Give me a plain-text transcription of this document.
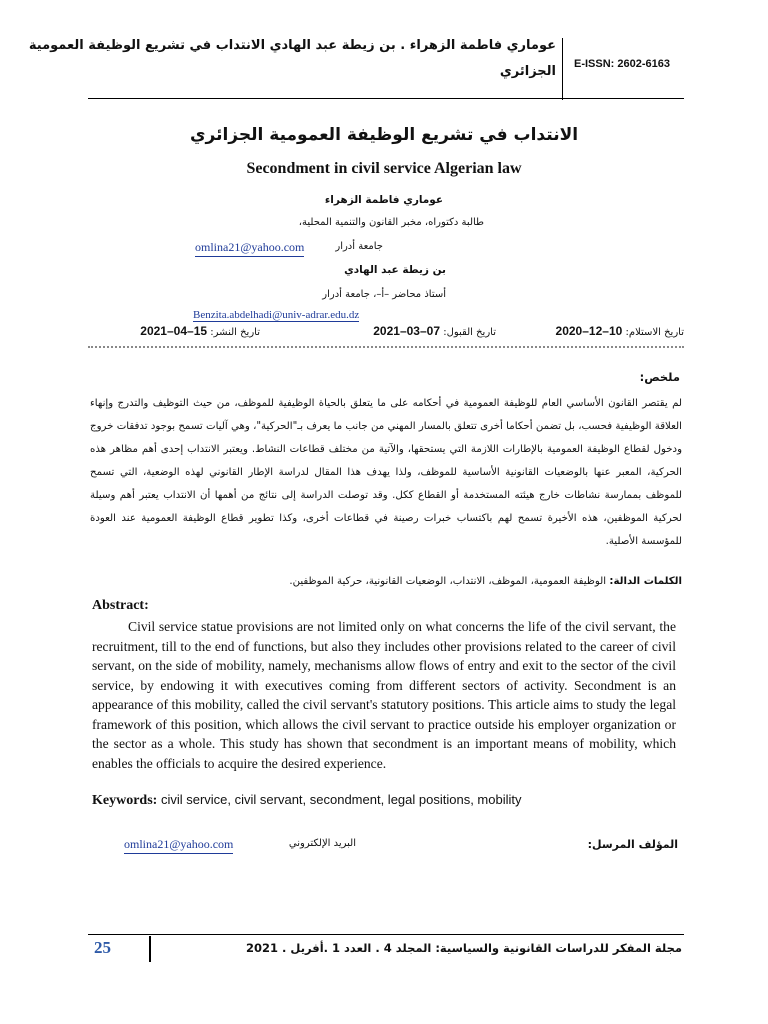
E-ISSN: 2602-6163
عوماري فاطمة الزهراء . بن زيطة عبد الهادي الانتداب في تشريع الوظيفة العمومية
الجزائري
الانتداب في تشريع الوظيفة العمومية الجزائري
Secondment in civil service Algerian law
عوماري فاطمة الزهراء
طالبة دكتوراه، مخبر القانون والتنمية المحلية،
جامعة أدرار
omlina21@yahoo.com
بن زيطة عبد الهادي
أستاذ محاضر –أ–، جامعة أدرار
Benzita.abdelhadi@univ-adrar.edu.dz
تاريخ الاستلام: 10–12–2020
تاريخ القبول: 07–03–2021
تاريخ النشر: 15–04–2021
ملخص:
لم يقتصر القانون الأساسي العام للوظيفة العمومية في أحكامه على ما يتعلق بالحياة الوظيفية للموظف، من حيث التوظيف والتدرج وإنهاء العلاقة الوظيفية فحسب، بل تضمن أحكاما أخرى تتعلق بالمسار المهني من جانب ما يعرف بـ"الحركية"، وهي آليات تسمح بوجود تدفقات خروج ودخول لقطاع الوظيفة العمومية بالإطارات اللازمة التي يستحقها، والآتية من مختلف قطاعات النشاط. ويعتبر الانتداب إحدى أهم مظاهر هذه الحركية، المعبر عنها بالوضعيات القانونية الأساسية للموظف، ولذا يهدف هذا المقال لدراسة الإطار القانوني لهذه الوضعية، التي تسمح للموظف بممارسة نشاطات خارج هيئته المستخدمة أو القطاع ككل. وقد توصلت الدراسة إلى نتائج من أهمها أن الانتداب يعتبر أهم وسيلة لحركية الموظفين، هذه الأخيرة تسمح لهم باكتساب خبرات رصينة في قطاعات أخرى، وكذا تطوير قطاع الوظيفة العمومية عند العودة للمؤسسة الأصلية.
الكلمات الدالة: الوظيفة العمومية، الموظف، الانتداب، الوضعيات القانونية، حركية الموظفين.
Abstract:
Civil service statue provisions are not limited only on what concerns the life of the civil servant, the recruitment, till to the end of functions, but also they includes other provisions related to the career of civil servant, on the side of mobility, namely, mechanisms allow flows of entry and exit to the sector of the civil service, by endowing it with executives coming from different sectors of activity. Secondment is an appearance of this mobility, called the civil servant's statutory positions. This article aims to study the legal framework of this position, which allows the civil servant to practice outside his employer organization or the sector as a whole. This study has shown that secondment is an important means of mobility, which enables the officials to acquire the desired experience.
Keywords: civil service, civil servant, secondment, legal positions, mobility
المؤلف المرسل:
البريد الإلكتروني
omlina21@yahoo.com
25	مجلة المفكر للدراسات القانونية والسياسية: المجلد 4 . العدد 1 .أفريل . 2021
